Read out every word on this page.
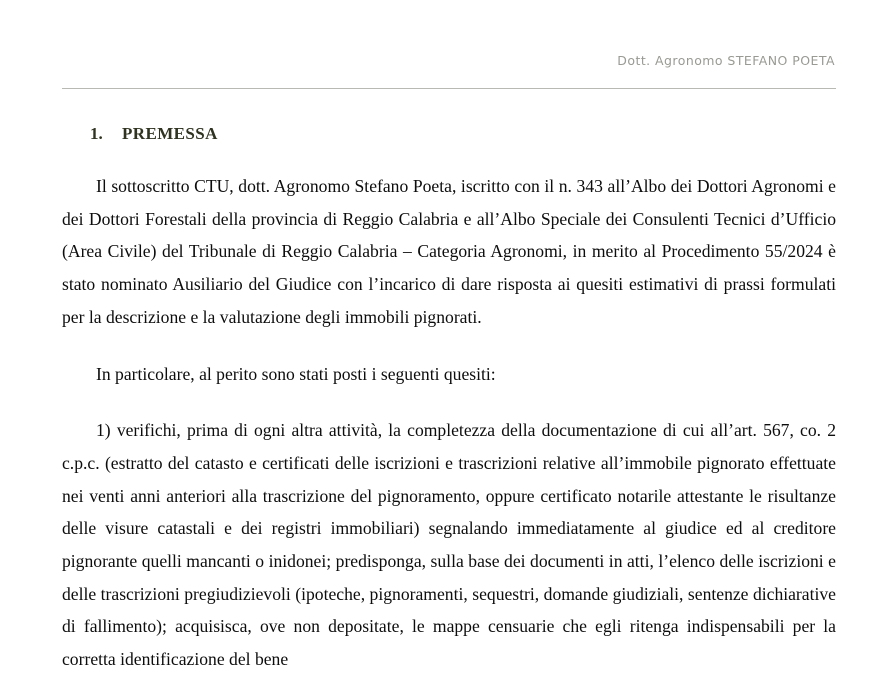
Dott. Agronomo STEFANO POETA
1.	PREMESSA

Il sottoscritto CTU, dott. Agronomo Stefano Poeta, iscritto con il n. 343 all’Albo dei Dottori Agronomi e dei Dottori Forestali della provincia di Reggio Calabria e all’Albo Speciale dei Consulenti Tecnici d’Ufficio (Area Civile) del Tribunale di Reggio Calabria – Categoria Agronomi, in merito al Procedimento 55/2024 è stato nominato Ausiliario del Giudice con l’incarico di dare risposta ai quesiti estimativi di prassi formulati per la descrizione e la valutazione degli immobili pignorati.

In particolare, al perito sono stati posti i seguenti quesiti:

1) verifichi, prima di ogni altra attività, la completezza della documentazione di cui all’art. 567, co. 2 c.p.c. (estratto del catasto e certificati delle iscrizioni e trascrizioni relative all’immobile pignorato effettuate nei venti anni anteriori alla trascrizione del pignoramento, oppure certificato notarile attestante le risultanze delle visure catastali e dei registri immobiliari) segnalando immediatamente al giudice ed al creditore pignorante quelli mancanti o inidonei; predisponga, sulla base dei documenti in atti, l’elenco delle iscrizioni e delle trascrizioni pregiudizievoli (ipoteche, pignoramenti, sequestri, domande giudiziali, sentenze dichiarative di fallimento); acquisisca, ove non depositate, le mappe censuarie che egli ritenga indispensabili per la corretta identificazione del bene
